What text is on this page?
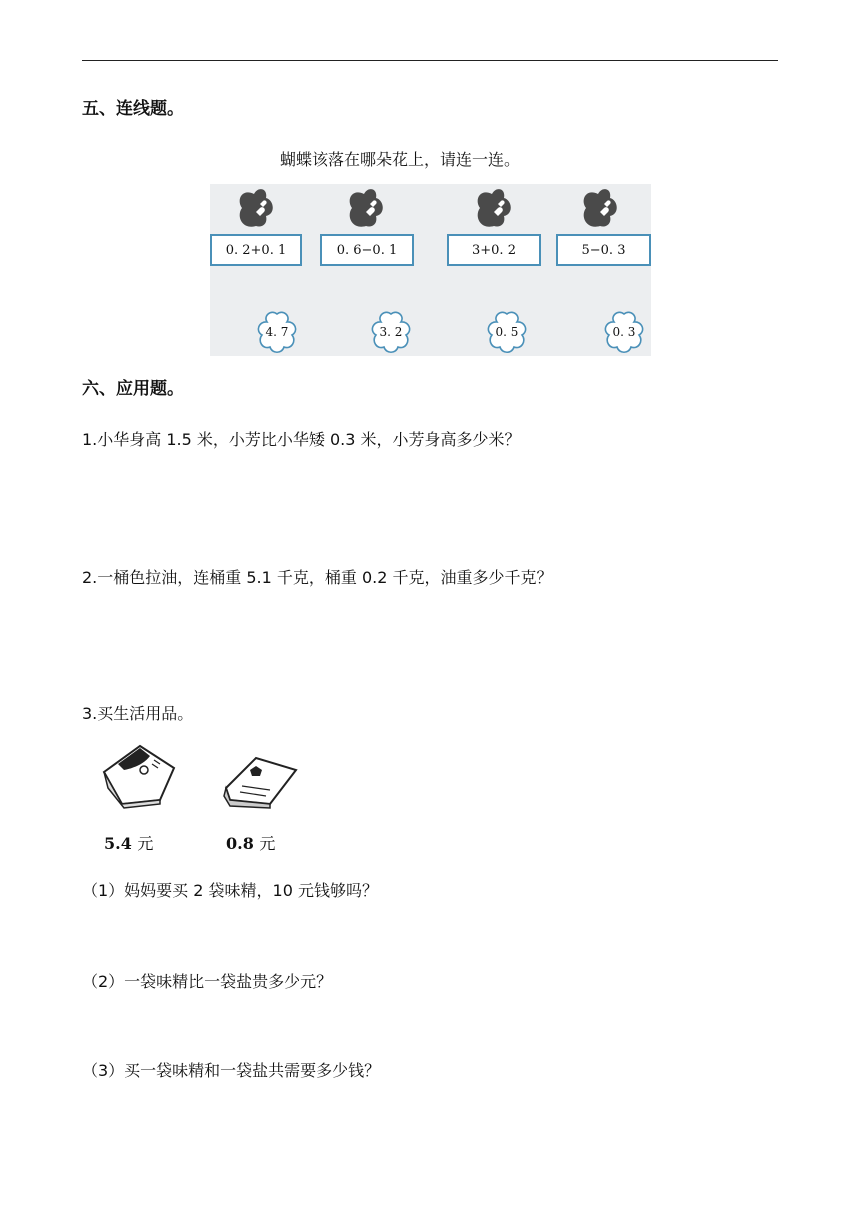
五、连线题。
蝴蝶该落在哪朵花上，请连一连。
0. 2+0. 1	0. 6−0. 1	3+0. 2	5−0. 3
4. 7	3. 2	0. 5	0. 3
六、应用题。
1.小华身高 1.5 米，小芳比小华矮 0.3 米，小芳身高多少米？
2.一桶色拉油，连桶重 5.1 千克，桶重 0.2 千克，油重多少千克？
3.买生活用品。
5.4 元	0.8 元
（1）妈妈要买 2 袋味精，10 元钱够吗？
（2）一袋味精比一袋盐贵多少元？
（3）买一袋味精和一袋盐共需要多少钱？
